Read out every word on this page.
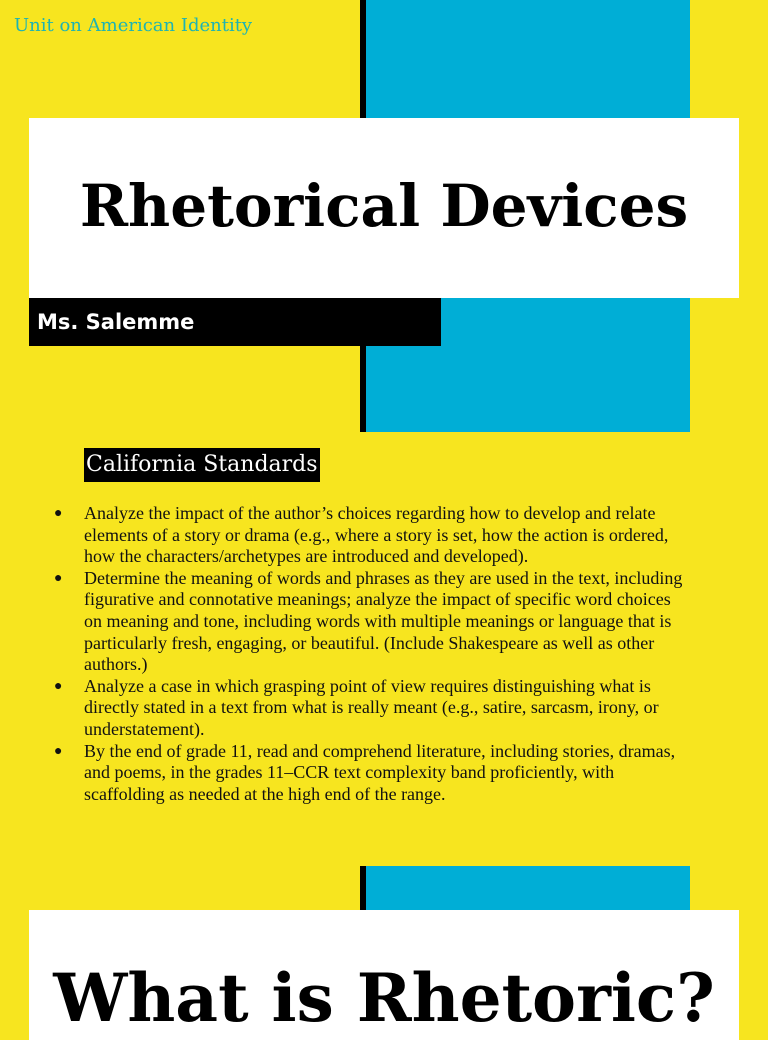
Unit on American Identity
Rhetorical Devices
Ms. Salemme
California Standards
● Analyze the impact of the author’s choices regarding how to develop and relate elements of a story or drama (e.g., where a story is set, how the action is ordered, how the characters/archetypes are introduced and developed).
● Determine the meaning of words and phrases as they are used in the text, including figurative and connotative meanings; analyze the impact of specific word choices on meaning and tone, including words with multiple meanings or language that is particularly fresh, engaging, or beautiful. (Include Shakespeare as well as other authors.)
● Analyze a case in which grasping point of view requires distinguishing what is directly stated in a text from what is really meant (e.g., satire, sarcasm, irony, or understatement).
● By the end of grade 11, read and comprehend literature, including stories, dramas, and poems, in the grades 11–CCR text complexity band proficiently, with scaffolding as needed at the high end of the range.
What is Rhetoric?
